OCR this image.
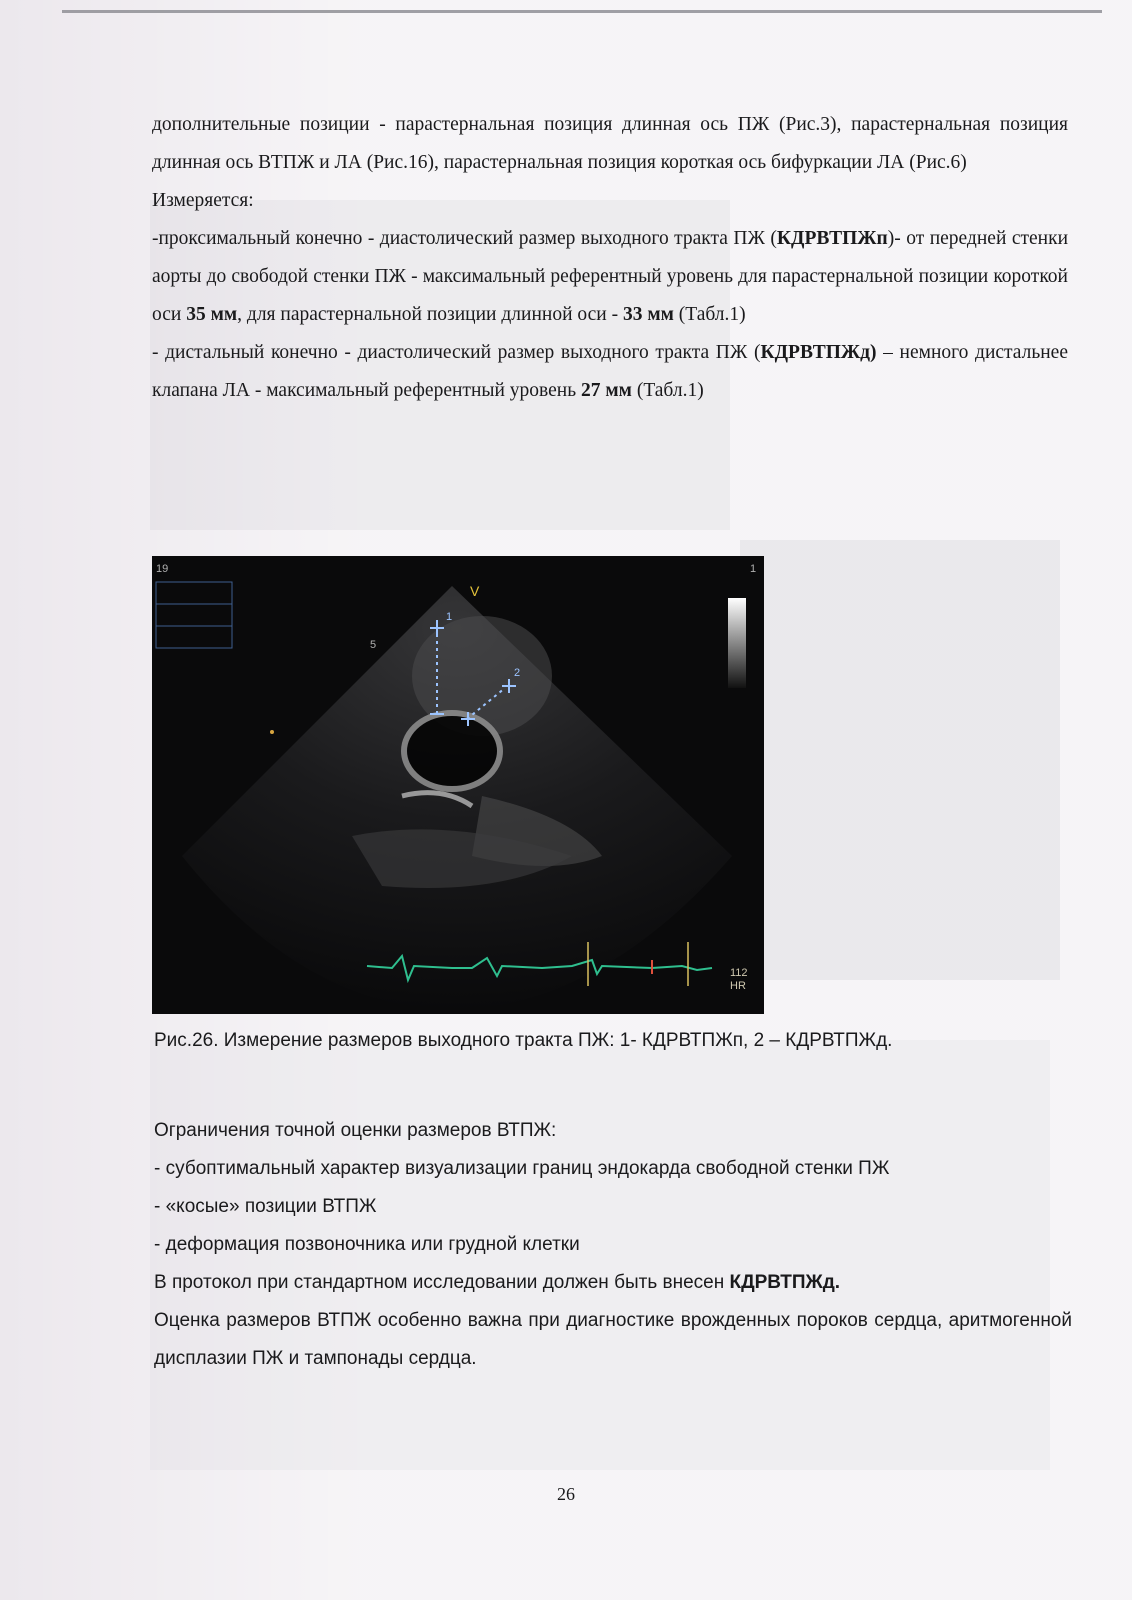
дополнительные позиции - парастернальная позиция длинная ось ПЖ (Рис.3), парастернальная позиция длинная ось ВТПЖ и ЛА (Рис.16), парастернальная позиция короткая ось бифуркации ЛА (Рис.6)

Измеряется:

-проксимальный конечно - диастолический размер выходного тракта ПЖ (КДРВТПЖп)- от передней стенки аорты до свободой стенки ПЖ - максимальный референтный уровень для парастернальной позиции короткой оси 35 мм, для парастернальной позиции длинной оси - 33 мм (Табл.1)

- дистальный конечно - диастолический размер выходного тракта ПЖ (КДРВТПЖд) – немного дистальнее клапана ЛА - максимальный референтный уровень 27 мм (Табл.1)

19	1
V
1
2
5
112
HR
Рис.26. Измерение размеров выходного тракта ПЖ: 1- КДРВТПЖп, 2 – КДРВТПЖд.

Ограничения точной оценки размеров ВТПЖ:

- субоптимальный характер визуализации границ эндокарда свободной стенки ПЖ

- «косые» позиции ВТПЖ

- деформация позвоночника или грудной клетки

В протокол при стандартном исследовании должен быть внесен КДРВТПЖд.

Оценка размеров ВТПЖ особенно важна при диагностике врожденных пороков сердца, аритмогенной дисплазии ПЖ и тампонады сердца.

26
